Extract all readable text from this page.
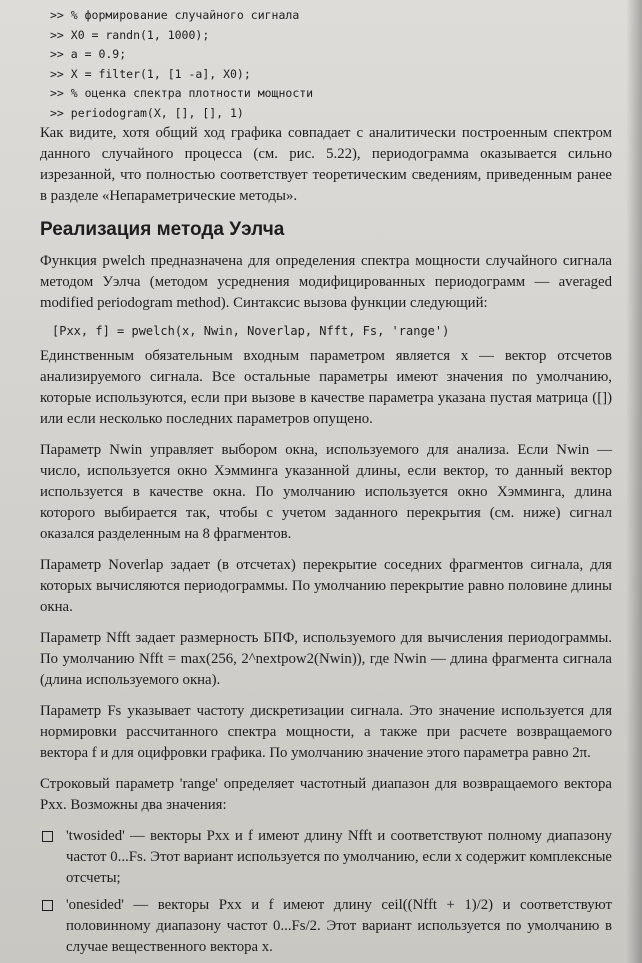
>> % формирование случайного сигнала
>> X0 = randn(1, 1000);
>> a = 0.9;
>> X = filter(1, [1 -a], X0);
>> % оценка спектра плотности мощности
>> periodogram(X, [], [], 1)

Как видите, хотя общий ход графика совпадает с аналитически построенным спектром данного случайного процесса (см. рис. 5.22), периодограмма оказывается сильно изрезанной, что полностью соответствует теоретическим сведениям, приведенным ранее в разделе «Непараметрические методы».

Реализация метода Уэлча

Функция pwelch предназначена для определения спектра мощности случайного сигнала методом Уэлча (методом усреднения модифицированных периодограмм — averaged modified periodogram method). Синтаксис вызова функции следующий:

[Pxx, f] = pwelch(x, Nwin, Noverlap, Nfft, Fs, 'range')

Единственным обязательным входным параметром является x — вектор отсчетов анализируемого сигнала. Все остальные параметры имеют значения по умолчанию, которые используются, если при вызове в качестве параметра указана пустая матрица ([]) или если несколько последних параметров опущено.

Параметр Nwin управляет выбором окна, используемого для анализа. Если Nwin — число, используется окно Хэмминга указанной длины, если вектор, то данный вектор используется в качестве окна. По умолчанию используется окно Хэмминга, длина которого выбирается так, чтобы с учетом заданного перекрытия (см. ниже) сигнал оказался разделенным на 8 фрагментов.

Параметр Noverlap задает (в отсчетах) перекрытие соседних фрагментов сигнала, для которых вычисляются периодограммы. По умолчанию перекрытие равно половине длины окна.

Параметр Nfft задает размерность БПФ, используемого для вычисления периодограммы. По умолчанию Nfft = max(256, 2^nextpow2(Nwin)), где Nwin — длина фрагмента сигнала (длина используемого окна).

Параметр Fs указывает частоту дискретизации сигнала. Это значение используется для нормировки рассчитанного спектра мощности, а также при расчете возвращаемого вектора f и для оцифровки графика. По умолчанию значение этого параметра равно 2π.

Строковый параметр 'range' определяет частотный диапазон для возвращаемого вектора Pxx. Возможны два значения:

'twosided' — векторы Pxx и f имеют длину Nfft и соответствуют полному диапазону частот 0...Fs. Этот вариант используется по умолчанию, если x содержит комплексные отсчеты;
'onesided' — векторы Pxx и f имеют длину ceil((Nfft + 1)/2) и соответствуют половинному диапазону частот 0...Fs/2. Этот вариант используется по умолчанию в случае вещественного вектора x.
